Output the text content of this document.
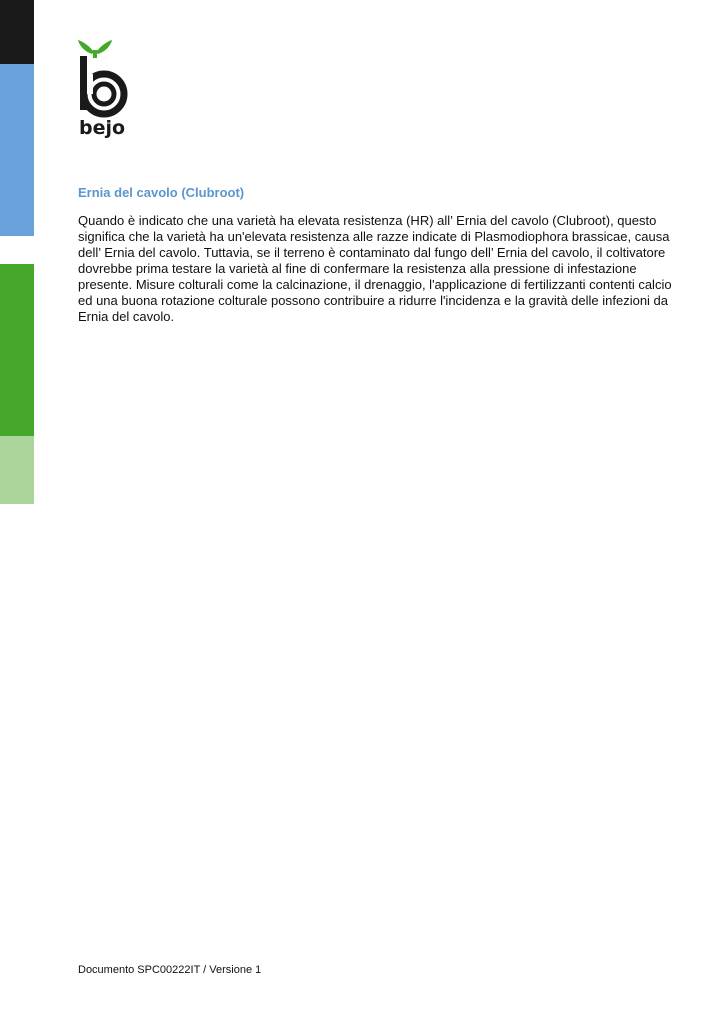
bejo
Ernia del cavolo (Clubroot)

Quando è indicato che una varietà ha elevata resistenza (HR) all’ Ernia del cavolo (Clubroot), questo significa che la varietà ha un'elevata resistenza alle razze indicate di Plasmodiophora brassicae, causa dell’ Ernia del cavolo. Tuttavia, se il terreno è contaminato dal fungo dell’ Ernia del cavolo, il coltivatore dovrebbe prima testare la varietà al fine di confermare la resistenza alla pressione di infestazione presente. Misure colturali come la calcinazione, il drenaggio, l'applicazione di fertilizzanti contenti calcio ed una buona rotazione colturale possono contribuire a ridurre l'incidenza e la gravità delle infezioni da Ernia del cavolo.

Documento SPC00222IT / Versione 1
